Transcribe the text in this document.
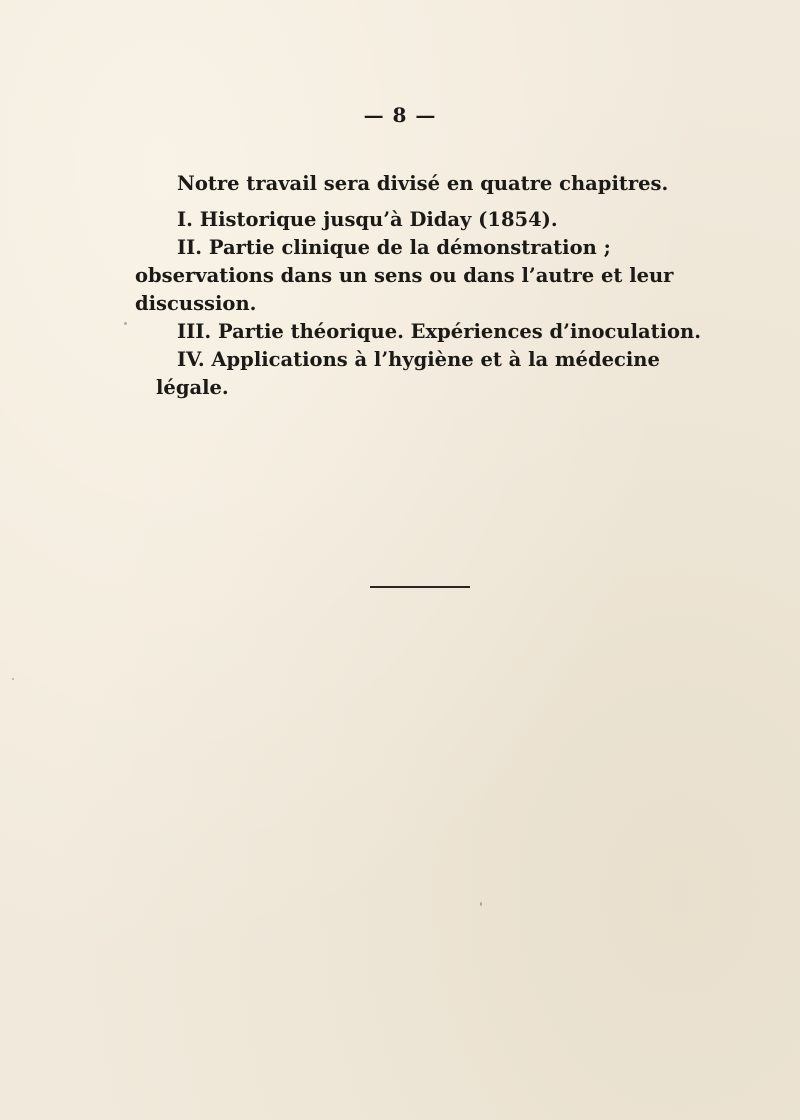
— 8 —

Notre travail sera divisé en quatre chapitres.

I. Historique jusqu’à Diday (1854).

II. Partie clinique de la démonstration ; observations dans un sens ou dans l’autre et leur discussion.

III. Partie théorique. Expériences d’inoculation.

IV. Applications à l’hygiène et à la médecine légale.
